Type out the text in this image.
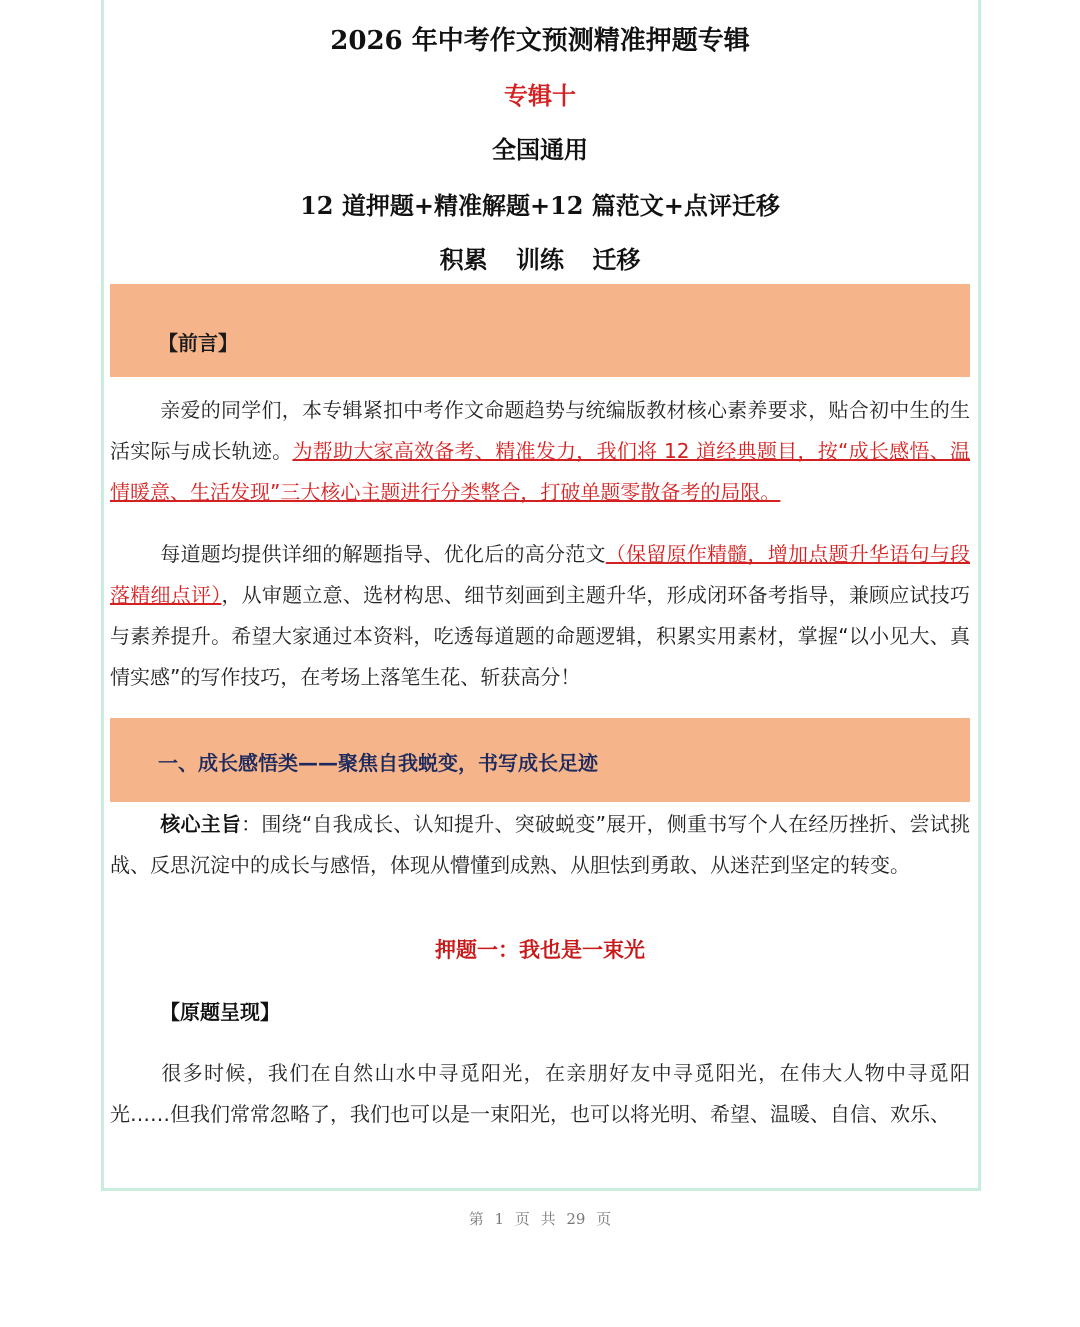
2026 年中考作文预测精准押题专辑
专辑十
全国通用
12 道押题+精准解题+12 篇范文+点评迁移
积累 训练 迁移
【前言】
亲爱的同学们，本专辑紧扣中考作文命题趋势与统编版教材核心素养要求，贴合初中生的生活实际与成长轨迹。为帮助大家高效备考、精准发力，我们将 12 道经典题目，按“成长感悟、温情暖意、生活发现”三大核心主题进行分类整合，打破单题零散备考的局限。
每道题均提供详细的解题指导、优化后的高分范文（保留原作精髓，增加点题升华语句与段落精细点评），从审题立意、选材构思、细节刻画到主题升华，形成闭环备考指导，兼顾应试技巧与素养提升。希望大家通过本资料，吃透每道题的命题逻辑，积累实用素材，掌握“以小见大、真情实感”的写作技巧，在考场上落笔生花、斩获高分！
一、成长感悟类——聚焦自我蜕变，书写成长足迹
核心主旨：围绕“自我成长、认知提升、突破蜕变”展开，侧重书写个人在经历挫折、尝试挑战、反思沉淀中的成长与感悟，体现从懵懂到成熟、从胆怯到勇敢、从迷茫到坚定的转变。
押题一：我也是一束光
【原题呈现】
很多时候，我们在自然山水中寻觅阳光，在亲朋好友中寻觅阳光，在伟大人物中寻觅阳光……但我们常常忽略了，我们也可以是一束阳光，也可以将光明、希望、温暖、自信、欢乐、
第 1 页 共 29 页
